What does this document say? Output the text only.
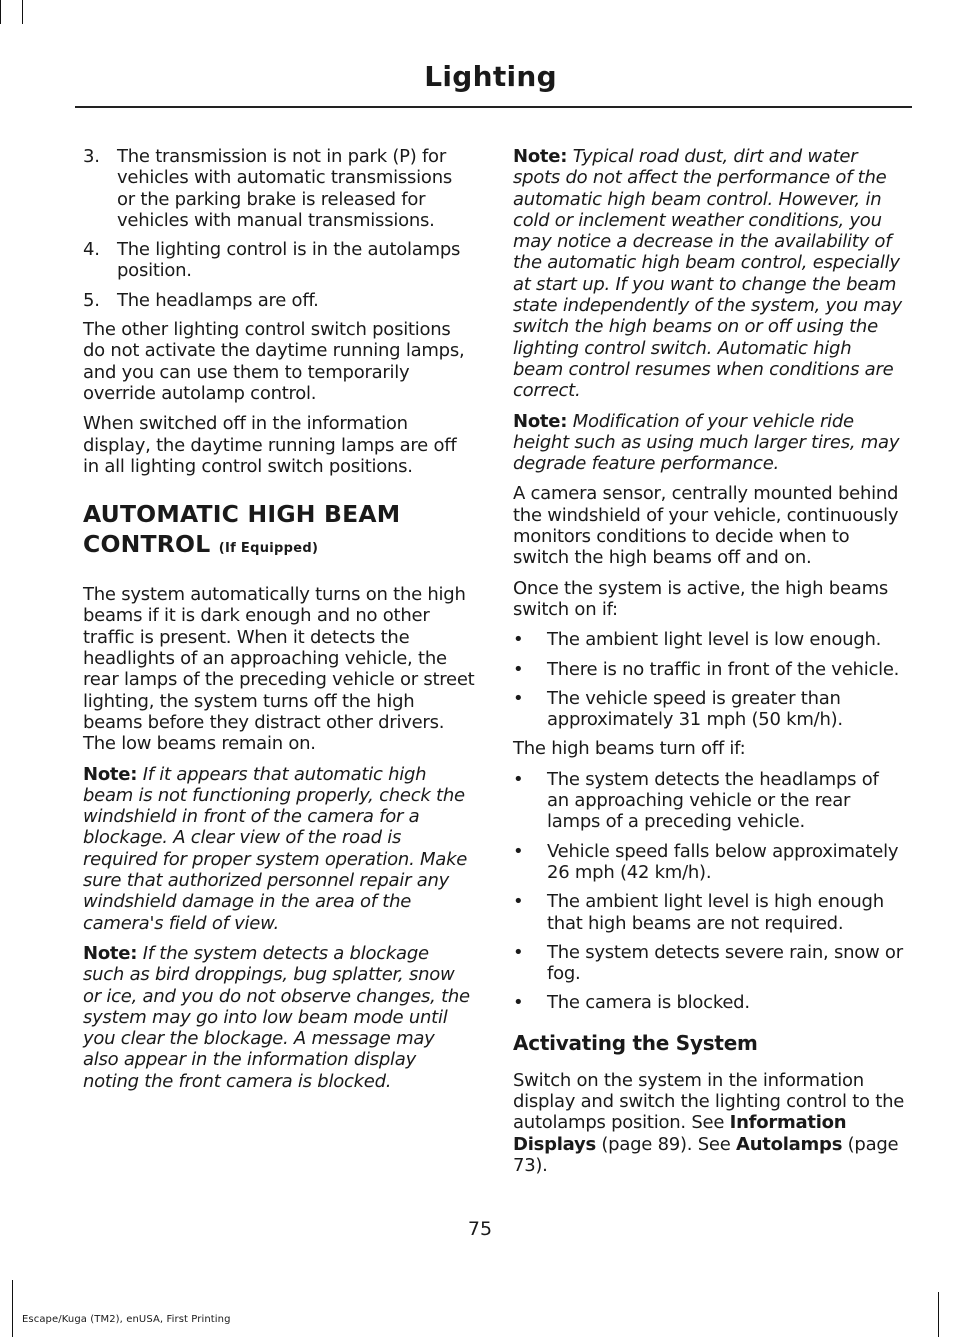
Lighting
3. The transmission is not in park (P) for vehicles with automatic transmissions or the parking brake is released for vehicles with manual transmissions.
4. The lighting control is in the autolamps position.
5. The headlamps are off.

The other lighting control switch positions do not activate the daytime running lamps, and you can use them to temporarily override autolamp control.

When switched off in the information display, the daytime running lamps are off in all lighting control switch positions.

AUTOMATIC HIGH BEAM
CONTROL (If Equipped)

The system automatically turns on the high beams if it is dark enough and no other traffic is present. When it detects the headlights of an approaching vehicle, the rear lamps of the preceding vehicle or street lighting, the system turns off the high beams before they distract other drivers. The low beams remain on.

Note: If it appears that automatic high beam is not functioning properly, check the windshield in front of the camera for a blockage. A clear view of the road is required for proper system operation. Make sure that authorized personnel repair any windshield damage in the area of the camera's field of view.

Note: If the system detects a blockage such as bird droppings, bug splatter, snow or ice, and you do not observe changes, the system may go into low beam mode until you clear the blockage. A message may also appear in the information display noting the front camera is blocked.

Note: Typical road dust, dirt and water spots do not affect the performance of the automatic high beam control. However, in cold or inclement weather conditions, you may notice a decrease in the availability of the automatic high beam control, especially at start up. If you want to change the beam state independently of the system, you may switch the high beams on or off using the lighting control switch. Automatic high beam control resumes when conditions are correct.

Note: Modification of your vehicle ride height such as using much larger tires, may degrade feature performance.

A camera sensor, centrally mounted behind the windshield of your vehicle, continuously monitors conditions to decide when to switch the high beams off and on.

Once the system is active, the high beams switch on if:

• The ambient light level is low enough.
• There is no traffic in front of the vehicle.
• The vehicle speed is greater than approximately 31 mph (50 km/h).

The high beams turn off if:

• The system detects the headlamps of an approaching vehicle or the rear lamps of a preceding vehicle.
• Vehicle speed falls below approximately 26 mph (42 km/h).
• The ambient light level is high enough that high beams are not required.
• The system detects severe rain, snow or fog.
• The camera is blocked.
Activating the System

Switch on the system in the information display and switch the lighting control to the autolamps position. See Information Displays (page 89). See Autolamps (page 73).

75
Escape/Kuga (TM2), enUSA, First Printing
